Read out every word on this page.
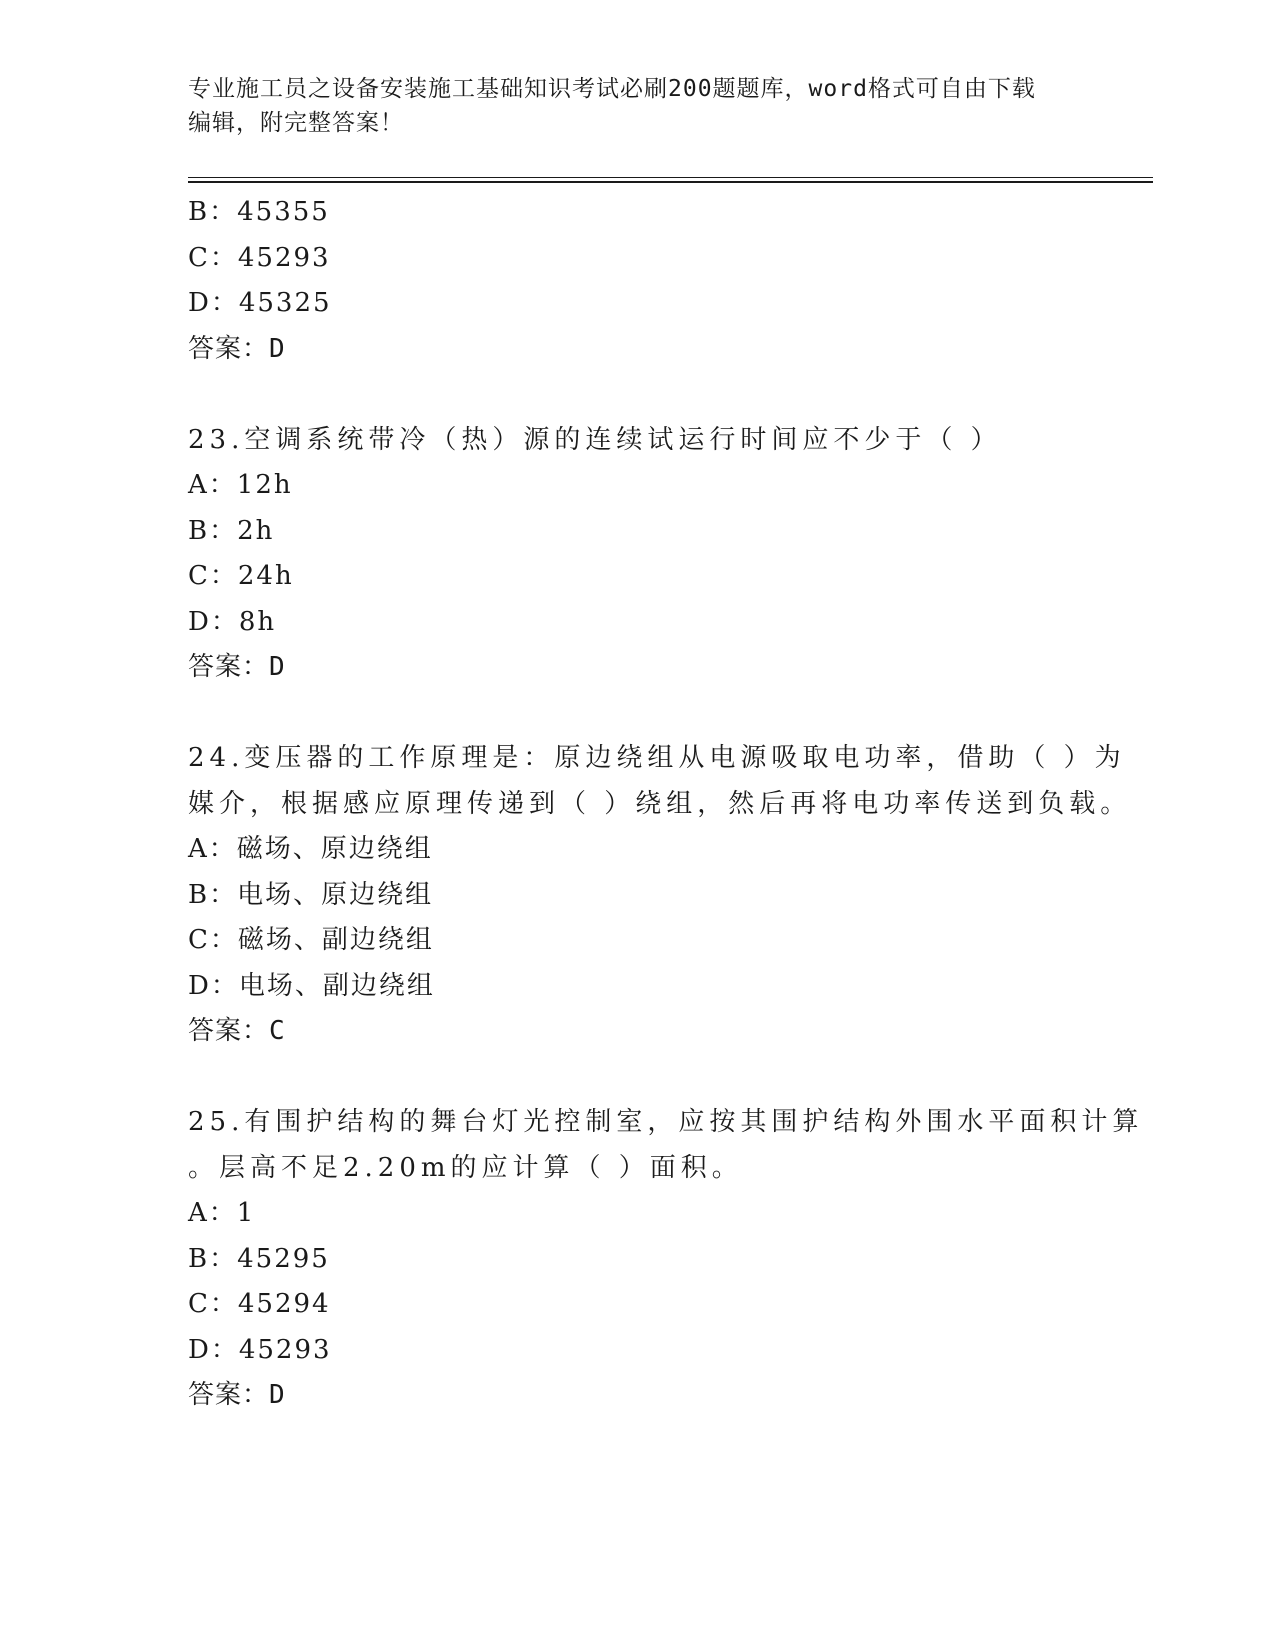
专业施工员之设备安装施工基础知识考试必刷200题题库，word格式可自由下载
编辑，附完整答案！
B：45355
C：45293
D：45325
答案：D
23.空调系统带冷（热）源的连续试运行时间应不少于（ ）
A：12h
B：2h
C：24h
D：8h
答案：D
24.变压器的工作原理是：原边绕组从电源吸取电功率，借助（ ）为
媒介，根据感应原理传递到（ ）绕组，然后再将电功率传送到负载。
A：磁场、原边绕组
B：电场、原边绕组
C：磁场、副边绕组
D：电场、副边绕组
答案：C
25.有围护结构的舞台灯光控制室，应按其围护结构外围水平面积计算
。层高不足2.20m的应计算（ ）面积。
A：1
B：45295
C：45294
D：45293
答案：D
